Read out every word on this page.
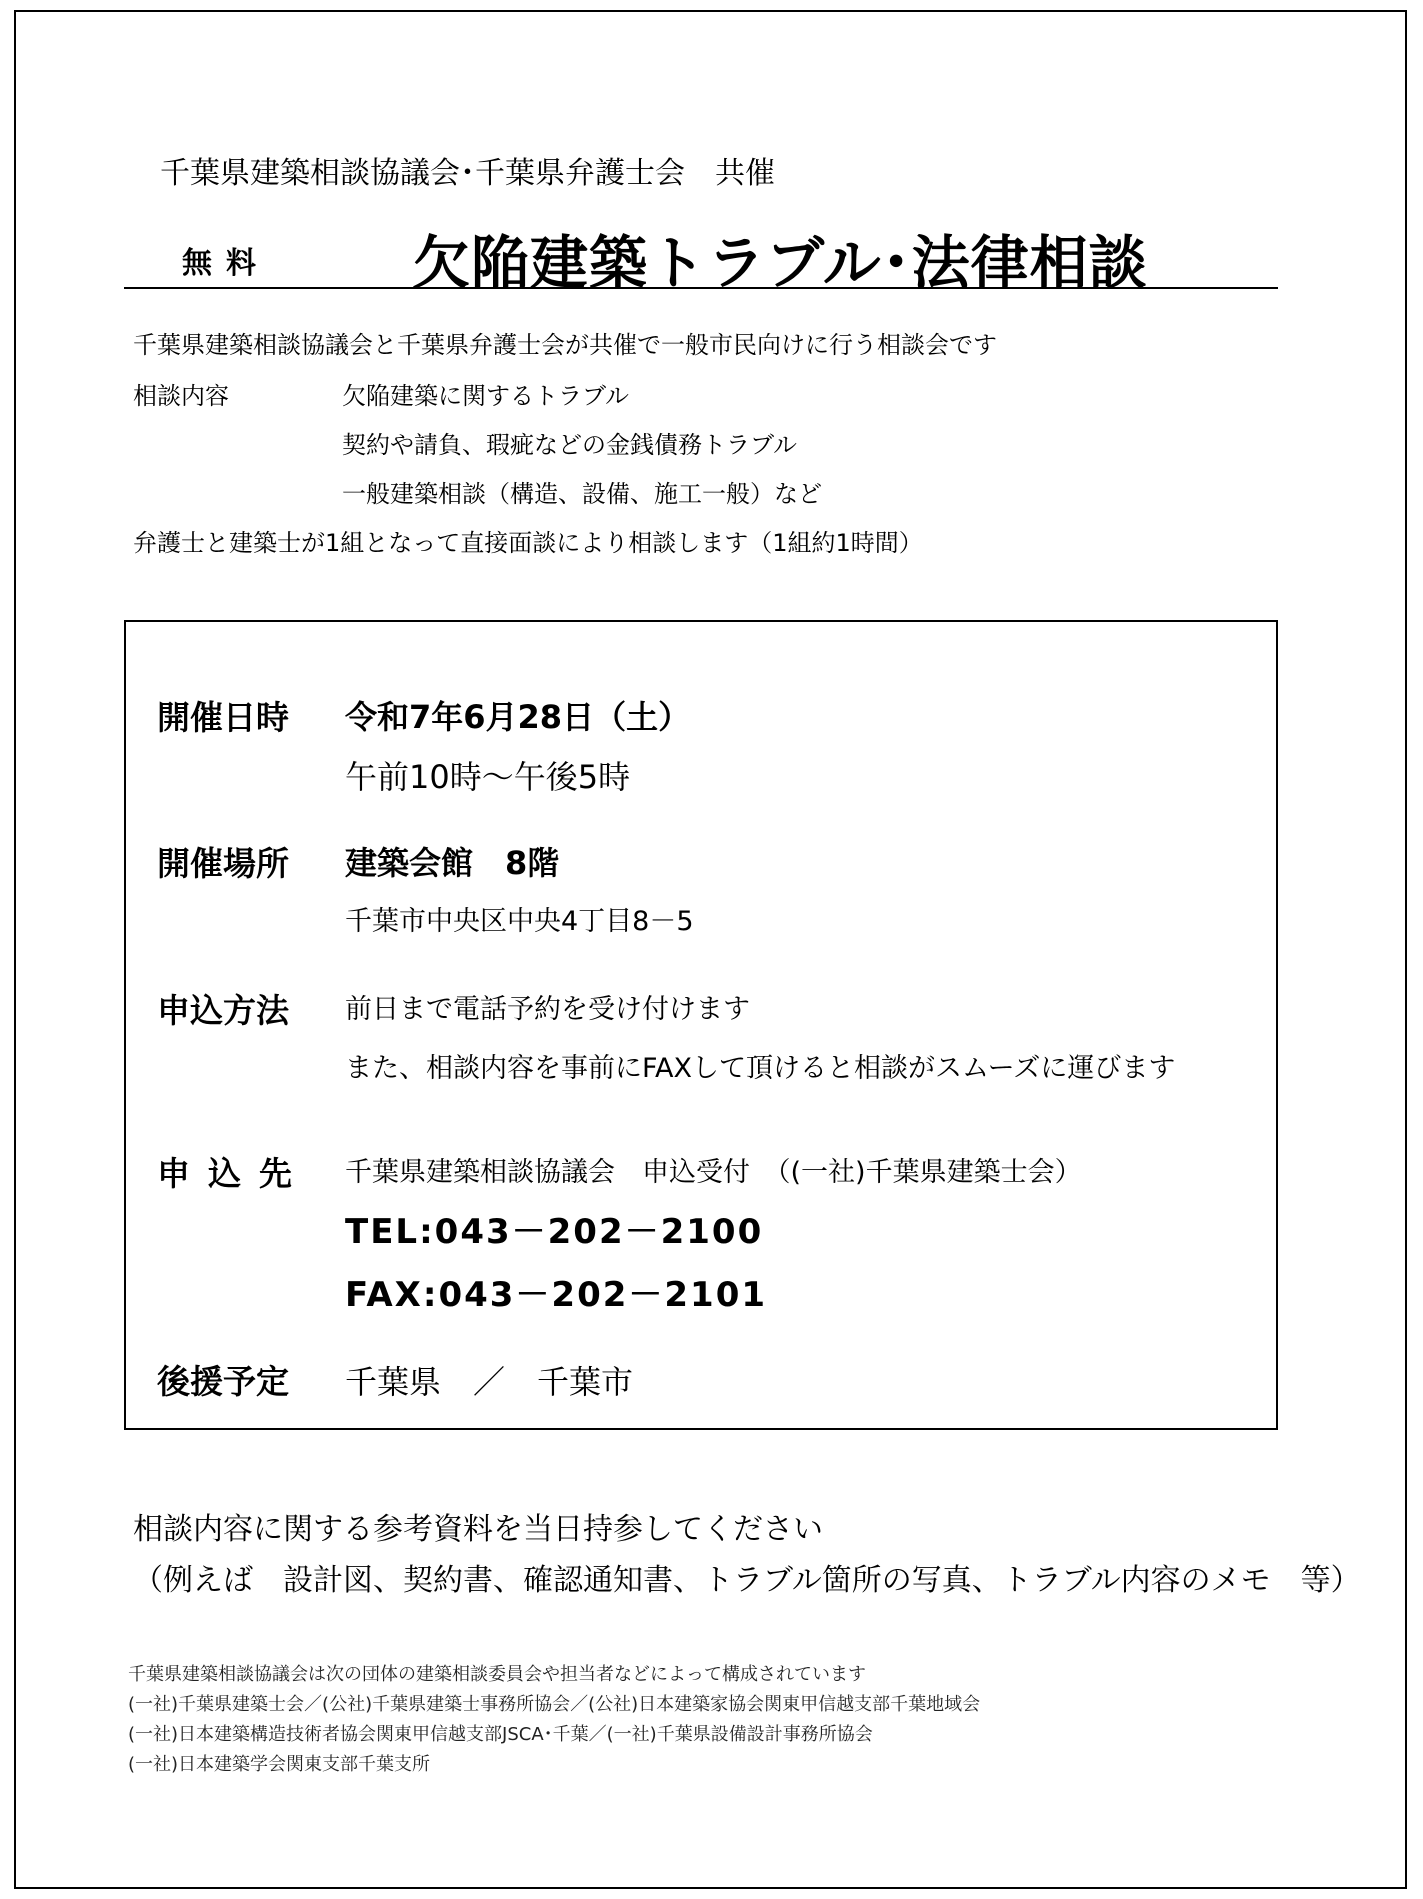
千葉県建築相談協議会･千葉県弁護士会　共催
無料 欠陥建築トラブル･法律相談
千葉県建築相談協議会と千葉県弁護士会が共催で一般市民向けに行う相談会です
相談内容	欠陥建築に関するトラブル
契約や請負、瑕疵などの金銭債務トラブル
一般建築相談（構造、設備、施工一般）など
弁護士と建築士が1組となって直接面談により相談します（1組約1時間）
開催日時 令和7年6月28日（土）
午前10時～午後5時
開催場所 建築会館　8階
千葉市中央区中央4丁目8－5
申込方法 前日まで電話予約を受け付けます
また、相談内容を事前にFAXして頂けると相談がスムーズに運びます
申込先 千葉県建築相談協議会　申込受付　（(一社)千葉県建築士会）
TEL:043－202－2100
FAX:043－202－2101
後援予定 千葉県　／　千葉市
相談内容に関する参考資料を当日持参してください
（例えば　設計図、契約書、確認通知書、トラブル箇所の写真、トラブル内容のメモ　等）
千葉県建築相談協議会は次の団体の建築相談委員会や担当者などによって構成されています
(一社)千葉県建築士会／(公社)千葉県建築士事務所協会／(公社)日本建築家協会関東甲信越支部千葉地域会
(一社)日本建築構造技術者協会関東甲信越支部JSCA･千葉／(一社)千葉県設備設計事務所協会
(一社)日本建築学会関東支部千葉支所
